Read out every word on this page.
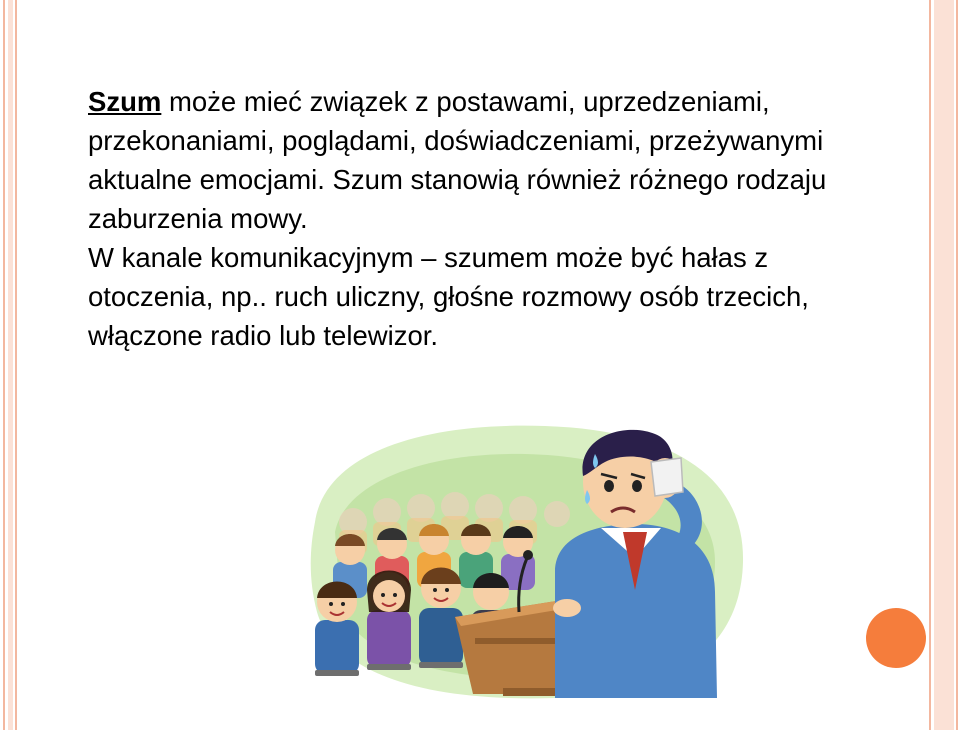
Szum może mieć związek z postawami, uprzedzeniami, przekonaniami, poglądami, doświadczeniami, przeżywanymi aktualne emocjami. Szum stanowią również różnego rodzaju zaburzenia mowy.

W kanale komunikacyjnym – szumem może być hałas z otoczenia, np.. ruch uliczny, głośne rozmowy osób trzecich, włączone radio lub telewizor.
